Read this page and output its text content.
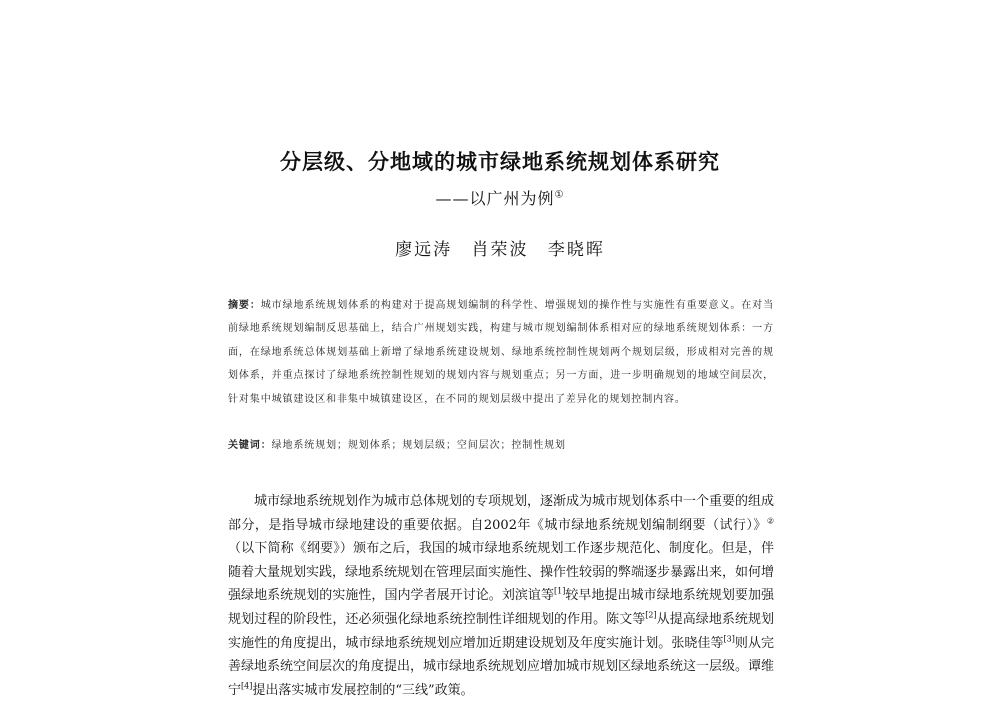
分层级、分地域的城市绿地系统规划体系研究
——以广州为例①
廖远涛 肖荣波 李晓晖
摘要：城市绿地系统规划体系的构建对于提高规划编制的科学性、增强规划的操作性与实施性有重要意义。在对当前绿地系统规划编制反思基础上，结合广州规划实践，构建与城市规划编制体系相对应的绿地系统规划体系：一方面，在绿地系统总体规划基础上新增了绿地系统建设规划、绿地系统控制性规划两个规划层级，形成相对完善的规划体系，并重点探讨了绿地系统控制性规划的规划内容与规划重点；另一方面，进一步明确规划的地域空间层次，针对集中城镇建设区和非集中城镇建设区，在不同的规划层级中提出了差异化的规划控制内容。
关键词：绿地系统规划；规划体系；规划层级；空间层次；控制性规划
城市绿地系统规划作为城市总体规划的专项规划，逐渐成为城市规划体系中一个重要的组成部分，是指导城市绿地建设的重要依据。自2002年《城市绿地系统规划编制纲要（试行）》②（以下简称《纲要》）颁布之后，我国的城市绿地系统规划工作逐步规范化、制度化。但是，伴随着大量规划实践，绿地系统规划在管理层面实施性、操作性较弱的弊端逐步暴露出来，如何增强绿地系统规划的实施性，国内学者展开讨论。刘滨谊等[1]较早地提出城市绿地系统规划要加强规划过程的阶段性，还必须强化绿地系统控制性详细规划的作用。陈文等[2]从提高绿地系统规划实施性的角度提出，城市绿地系统规划应增加近期建设规划及年度实施计划。张晓佳等[3]则从完善绿地系统空间层次的角度提出，城市绿地系统规划应增加城市规划区绿地系统这一层级。谭维宁[4]提出落实城市发展控制的“三线”政策。
